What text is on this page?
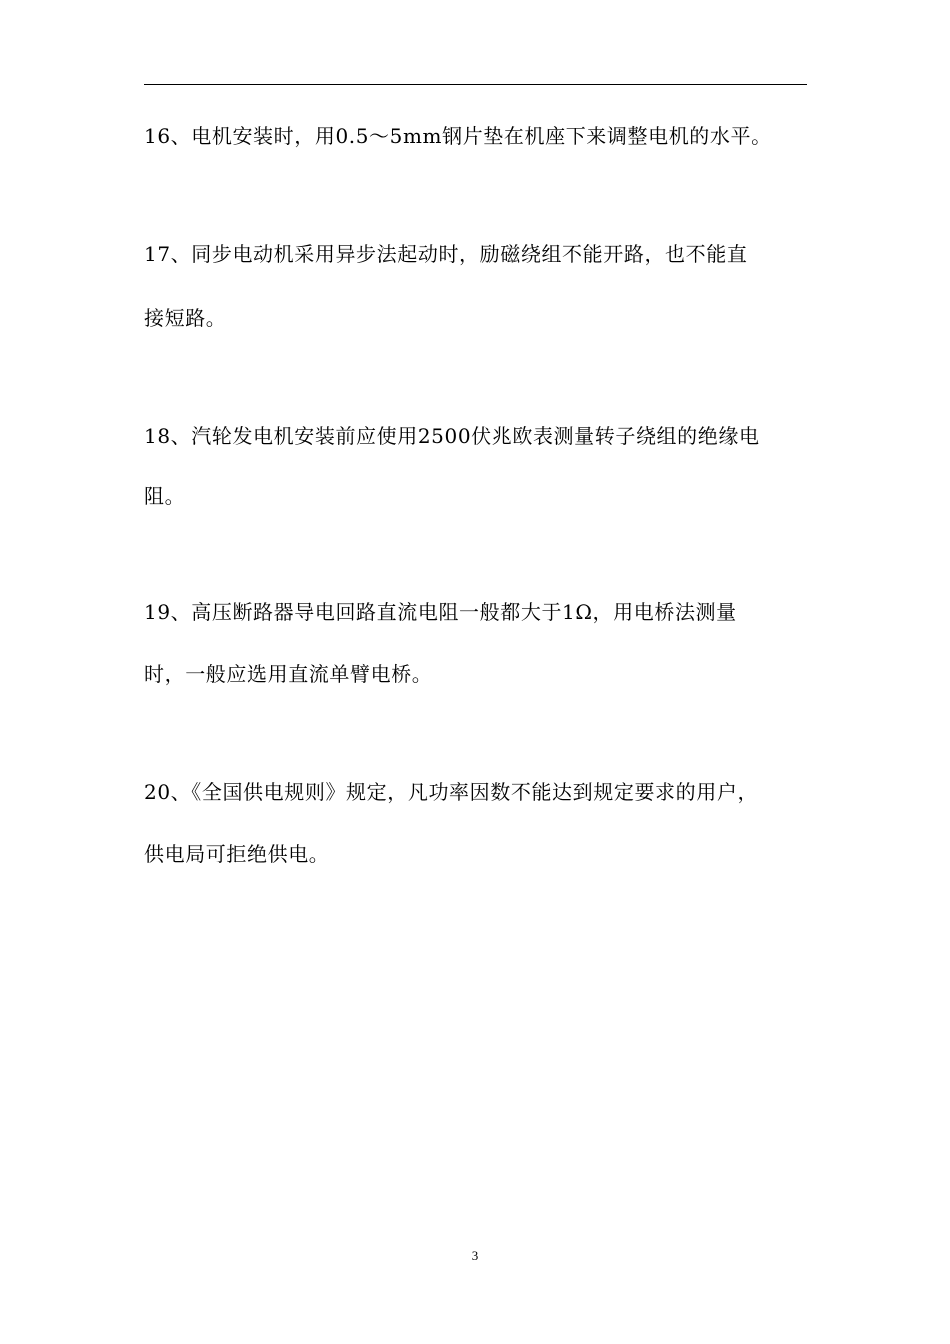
16、电机安装时，用0.5～5mm钢片垫在机座下来调整电机的水平。
17、同步电动机采用异步法起动时，励磁绕组不能开路，也不能直
接短路。
18、汽轮发电机安装前应使用2500伏兆欧表测量转子绕组的绝缘电
阻。
19、高压断路器导电回路直流电阻一般都大于1Ω，用电桥法测量
时，一般应选用直流单臂电桥。
20、《全国供电规则》规定，凡功率因数不能达到规定要求的用户，
供电局可拒绝供电。
3
